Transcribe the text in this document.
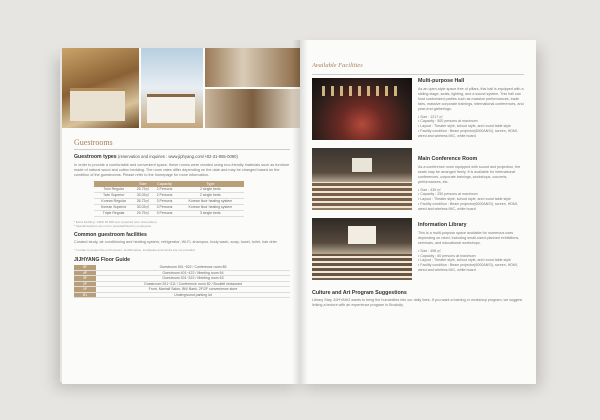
Guestrooms
Guestroom types (reservation and inquiries : www.jiphyang.com/+82-31-955-0090)

In order to provide a comfortable and convenient space, these rooms were created using eco-friendly materials such as furniture made of natural wood and cotton bedding. The room rates differ depending on the date and may be changed based on the condition of the guestrooms. Please refer to the homepage for more information.

	Size	Capacity	Type
Twin Regular	26.73㎡	2 Persons	2 single beds
Twin Superior	33.03㎡	2 Persons	2 single beds
Korean Regular	26.73㎡	3 Persons	Korean floor heating system
Korean Superior	33.03㎡	3 Persons	Korean floor heating system
Triple Regular	29.79㎡	3 Persons	3 single beds
* Extra bedding : KRW 30,000 won (required prior reservation)
* Special features are not be provided/hired by employees
Common guestroom facilities

Curated study, air conditioning and heating system, refrigerator, Wi-Fi, shampoo, body wash, soap, towel, toilet, hair drier

* In order to protect the environment, toothbrushes, toothpaste and combs are not provided
JIJHYANG Floor Guide
5F	Guestroom 501~522 / Conference room 85
4F	Guestroom 401~422 / Meeting room 64
3F	Guestroom 301~322 / Meeting room 63
2F	Guestroom 201~211 / Conference room 82 / Bookfel restaurant
1F	Front, Marhall Salon, BN! Bank, 2F/2F convenience store
B1	Underground parking lot
Available Facilities
Multi-purpose Hall

As an open-style space free of pillars, this hall is equipped with a sliding stage, seats, lighting, and a sound system. This hall can host customized parties such as massive performances, trade fairs, massive corporate trainings, international conferences, and year-end gatherings.

• Size : 1217 ㎡
• Capacity : 500 persons at maximum
• Layout : Theater style, school style, and round table style
• Facility condition : Beam projector(6000ANSI), screen, HDMI, wired and wireless MIC, white board
Main Conference Room

As a conference room equipped with sound and projection, the seats may be arranged freely. It is available for international conferences, corporate trainings, workshops, concerts, performances, etc.

• Size : 439 ㎡
• Capacity : 250 persons at maximum
• Layout : Theater style, school style, and round table style
• Facility condition : Beam projector(6000ANSI), screen, HDMI, wired and wireless MIC, white board
Information Library

This is a multi-purpose space available for numerous uses depending on need, including small-sized planned exhibitions, seminars, and educational workshops.

• Size : 498 ㎡
• Capacity : 60 persons at maximum
• Layout : Theater style, school style, and round table style
• Facility condition : Beam projector(6000ANSI), screen, HDMI, wired and wireless MIC, white board
Culture and Art Program Suggestions

Library Stay JIJHYANG wants to bring the humanities into our daily lives. If you want a training or workshop program, we suggest linking a lecture with an experience program in Bookcity.
